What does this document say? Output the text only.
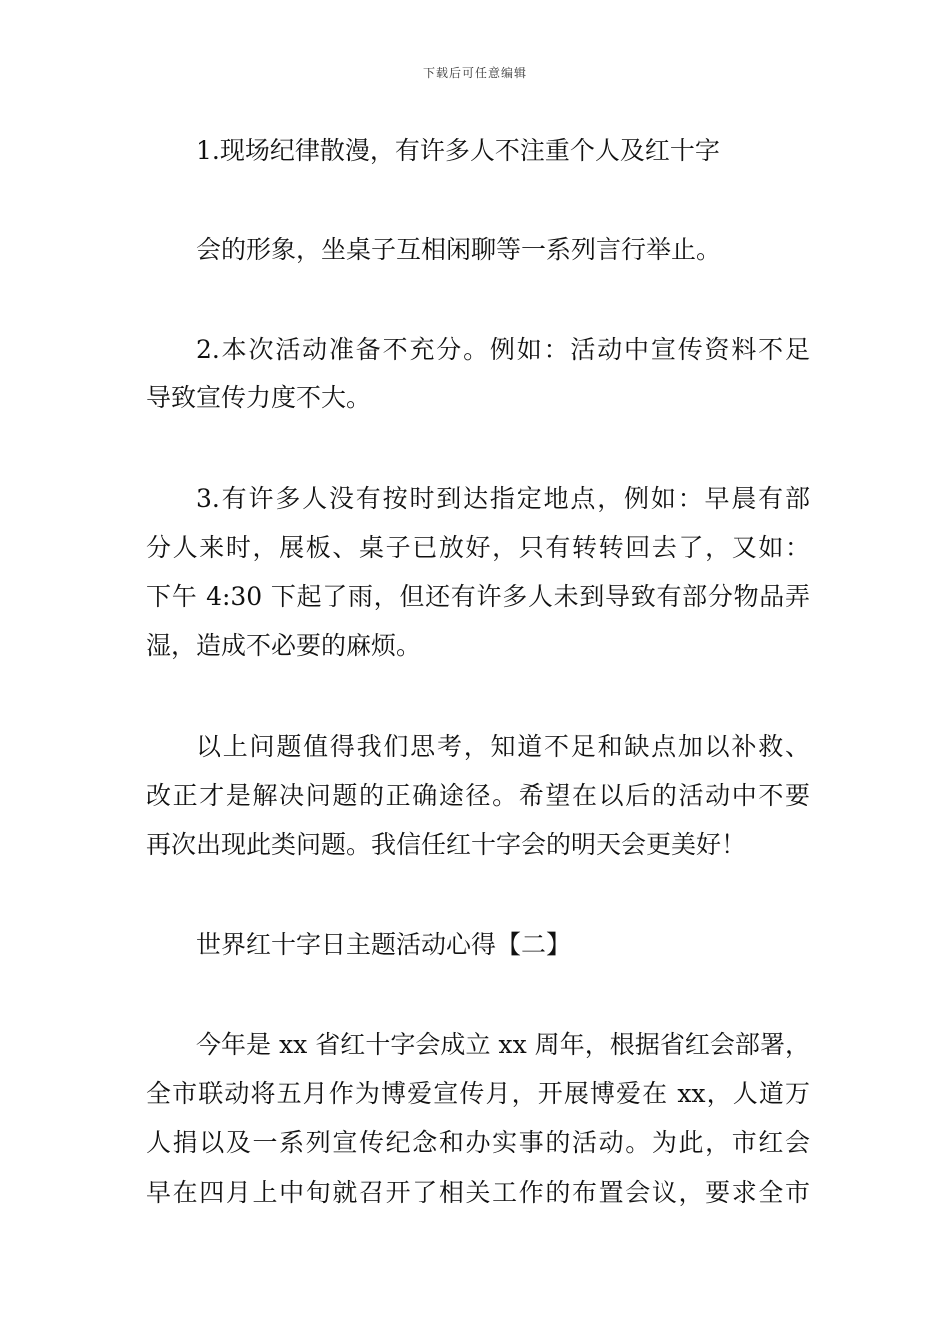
下载后可任意编辑
1.现场纪律散漫，有许多人不注重个人及红十字
会的形象，坐桌子互相闲聊等一系列言行举止。
2.本次活动准备不充分。例如：活动中宣传资料不足
导致宣传力度不大。
3.有许多人没有按时到达指定地点，例如：早晨有部
分人来时，展板、桌子已放好，只有转转回去了，又如：
下午 4:30 下起了雨，但还有许多人未到导致有部分物品弄
湿，造成不必要的麻烦。
以上问题值得我们思考，知道不足和缺点加以补救、
改正才是解决问题的正确途径。希望在以后的活动中不要
再次出现此类问题。我信任红十字会的明天会更美好！
世界红十字日主题活动心得【二】
今年是 xx 省红十字会成立 xx 周年，根据省红会部署，
全市联动将五月作为博爱宣传月，开展博爱在 xx，人道万
人捐以及一系列宣传纪念和办实事的活动。为此，市红会
早在四月上中旬就召开了相关工作的布置会议，要求全市
